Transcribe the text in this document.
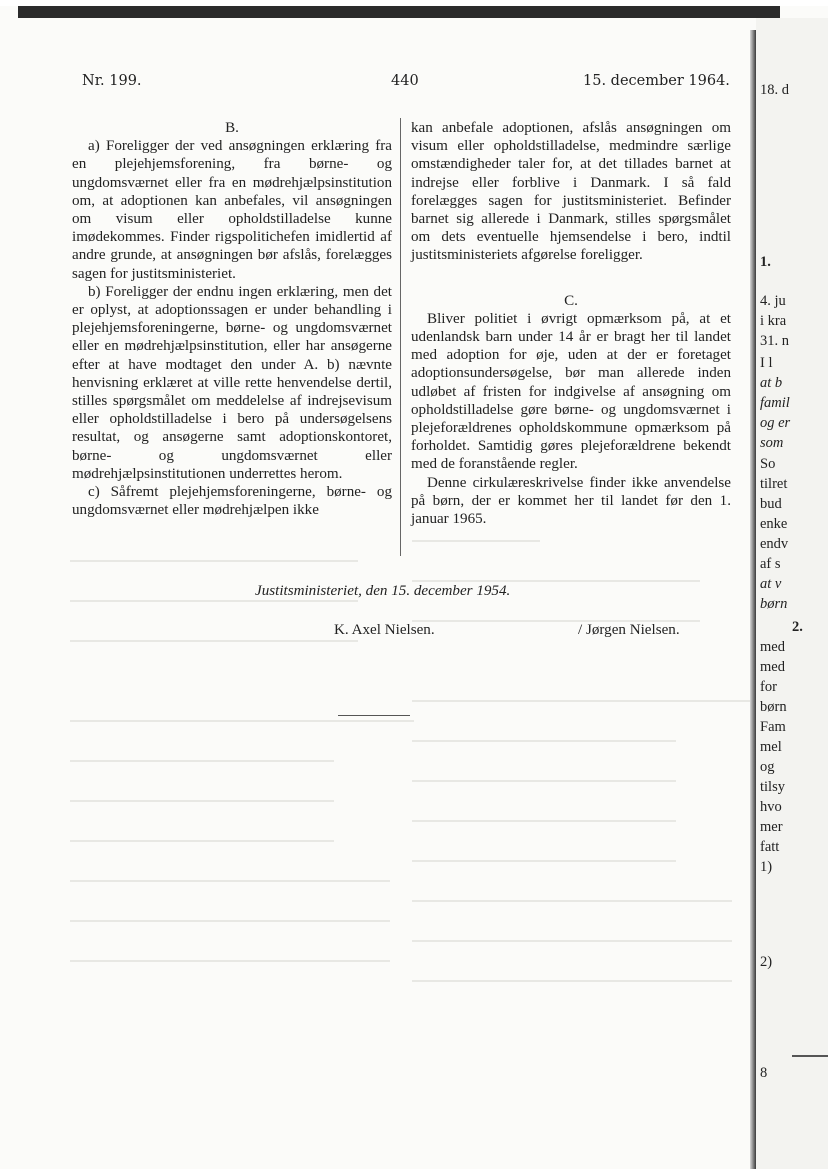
Nr. 199.	440	15. december 1964.

B.

a) Foreligger der ved ansøgningen erklæring fra en plejehjemsforening, fra børne- og ungdomsværnet eller fra en mødrehjælpsinstitution om, at adoptionen kan anbefales, vil ansøgningen om visum eller opholdstilladelse kunne imødekommes. Finder rigspolitichefen imidlertid af andre grunde, at ansøgningen bør afslås, forelægges sagen for justitsministeriet.

b) Foreligger der endnu ingen erklæring, men det er oplyst, at adoptionssagen er under behandling i plejehjemsforeningerne, børne- og ungdomsværnet eller en mødrehjælpsinstitution, eller har ansøgerne efter at have modtaget den under A. b) nævnte henvisning erklæret at ville rette henvendelse dertil, stilles spørgsmålet om meddelelse af indrejsevisum eller opholdstilladelse i bero på undersøgelsens resultat, og ansøgerne samt adoptionskontoret, børne- og ungdomsværnet eller mødrehjælpsinstitutionen underrettes herom.

c) Såfremt plejehjemsforeningerne, børne- og ungdomsværnet eller mødrehjælpen ikke

kan anbefale adoptionen, afslås ansøgningen om visum eller opholdstilladelse, medmindre særlige omstændigheder taler for, at det tillades barnet at indrejse eller forblive i Danmark. I så fald forelægges sagen for justitsministeriet. Befinder barnet sig allerede i Danmark, stilles spørgsmålet om dets eventuelle hjemsendelse i bero, indtil justitsministeriets afgørelse foreligger.

C.

Bliver politiet i øvrigt opmærksom på, at et udenlandsk barn under 14 år er bragt her til landet med adoption for øje, uden at der er foretaget adoptionsundersøgelse, bør man allerede inden udløbet af fristen for indgivelse af ansøgning om opholdstilladelse gøre børne- og ungdomsværnet i plejeforældrenes opholdskommune opmærksom på forholdet. Samtidig gøres plejeforældrene bekendt med de foranstående regler.

Denne cirkulæreskrivelse finder ikke anvendelse på børn, der er kommet her til landet før den 1. januar 1965.

Justitsministeriet, den 15. december 1954.
K. Axel Nielsen.	/ Jørgen Nielsen.
18. d
1.
4. ju
i kra
31. n
I l
at b
famil
og er
som
So
tilret
bud
enke
endv
af s
at v
børn
2.
med
med
for
børn
Fam
mel
og
tilsy
hvo
mer
fatt
1)
2)
8
